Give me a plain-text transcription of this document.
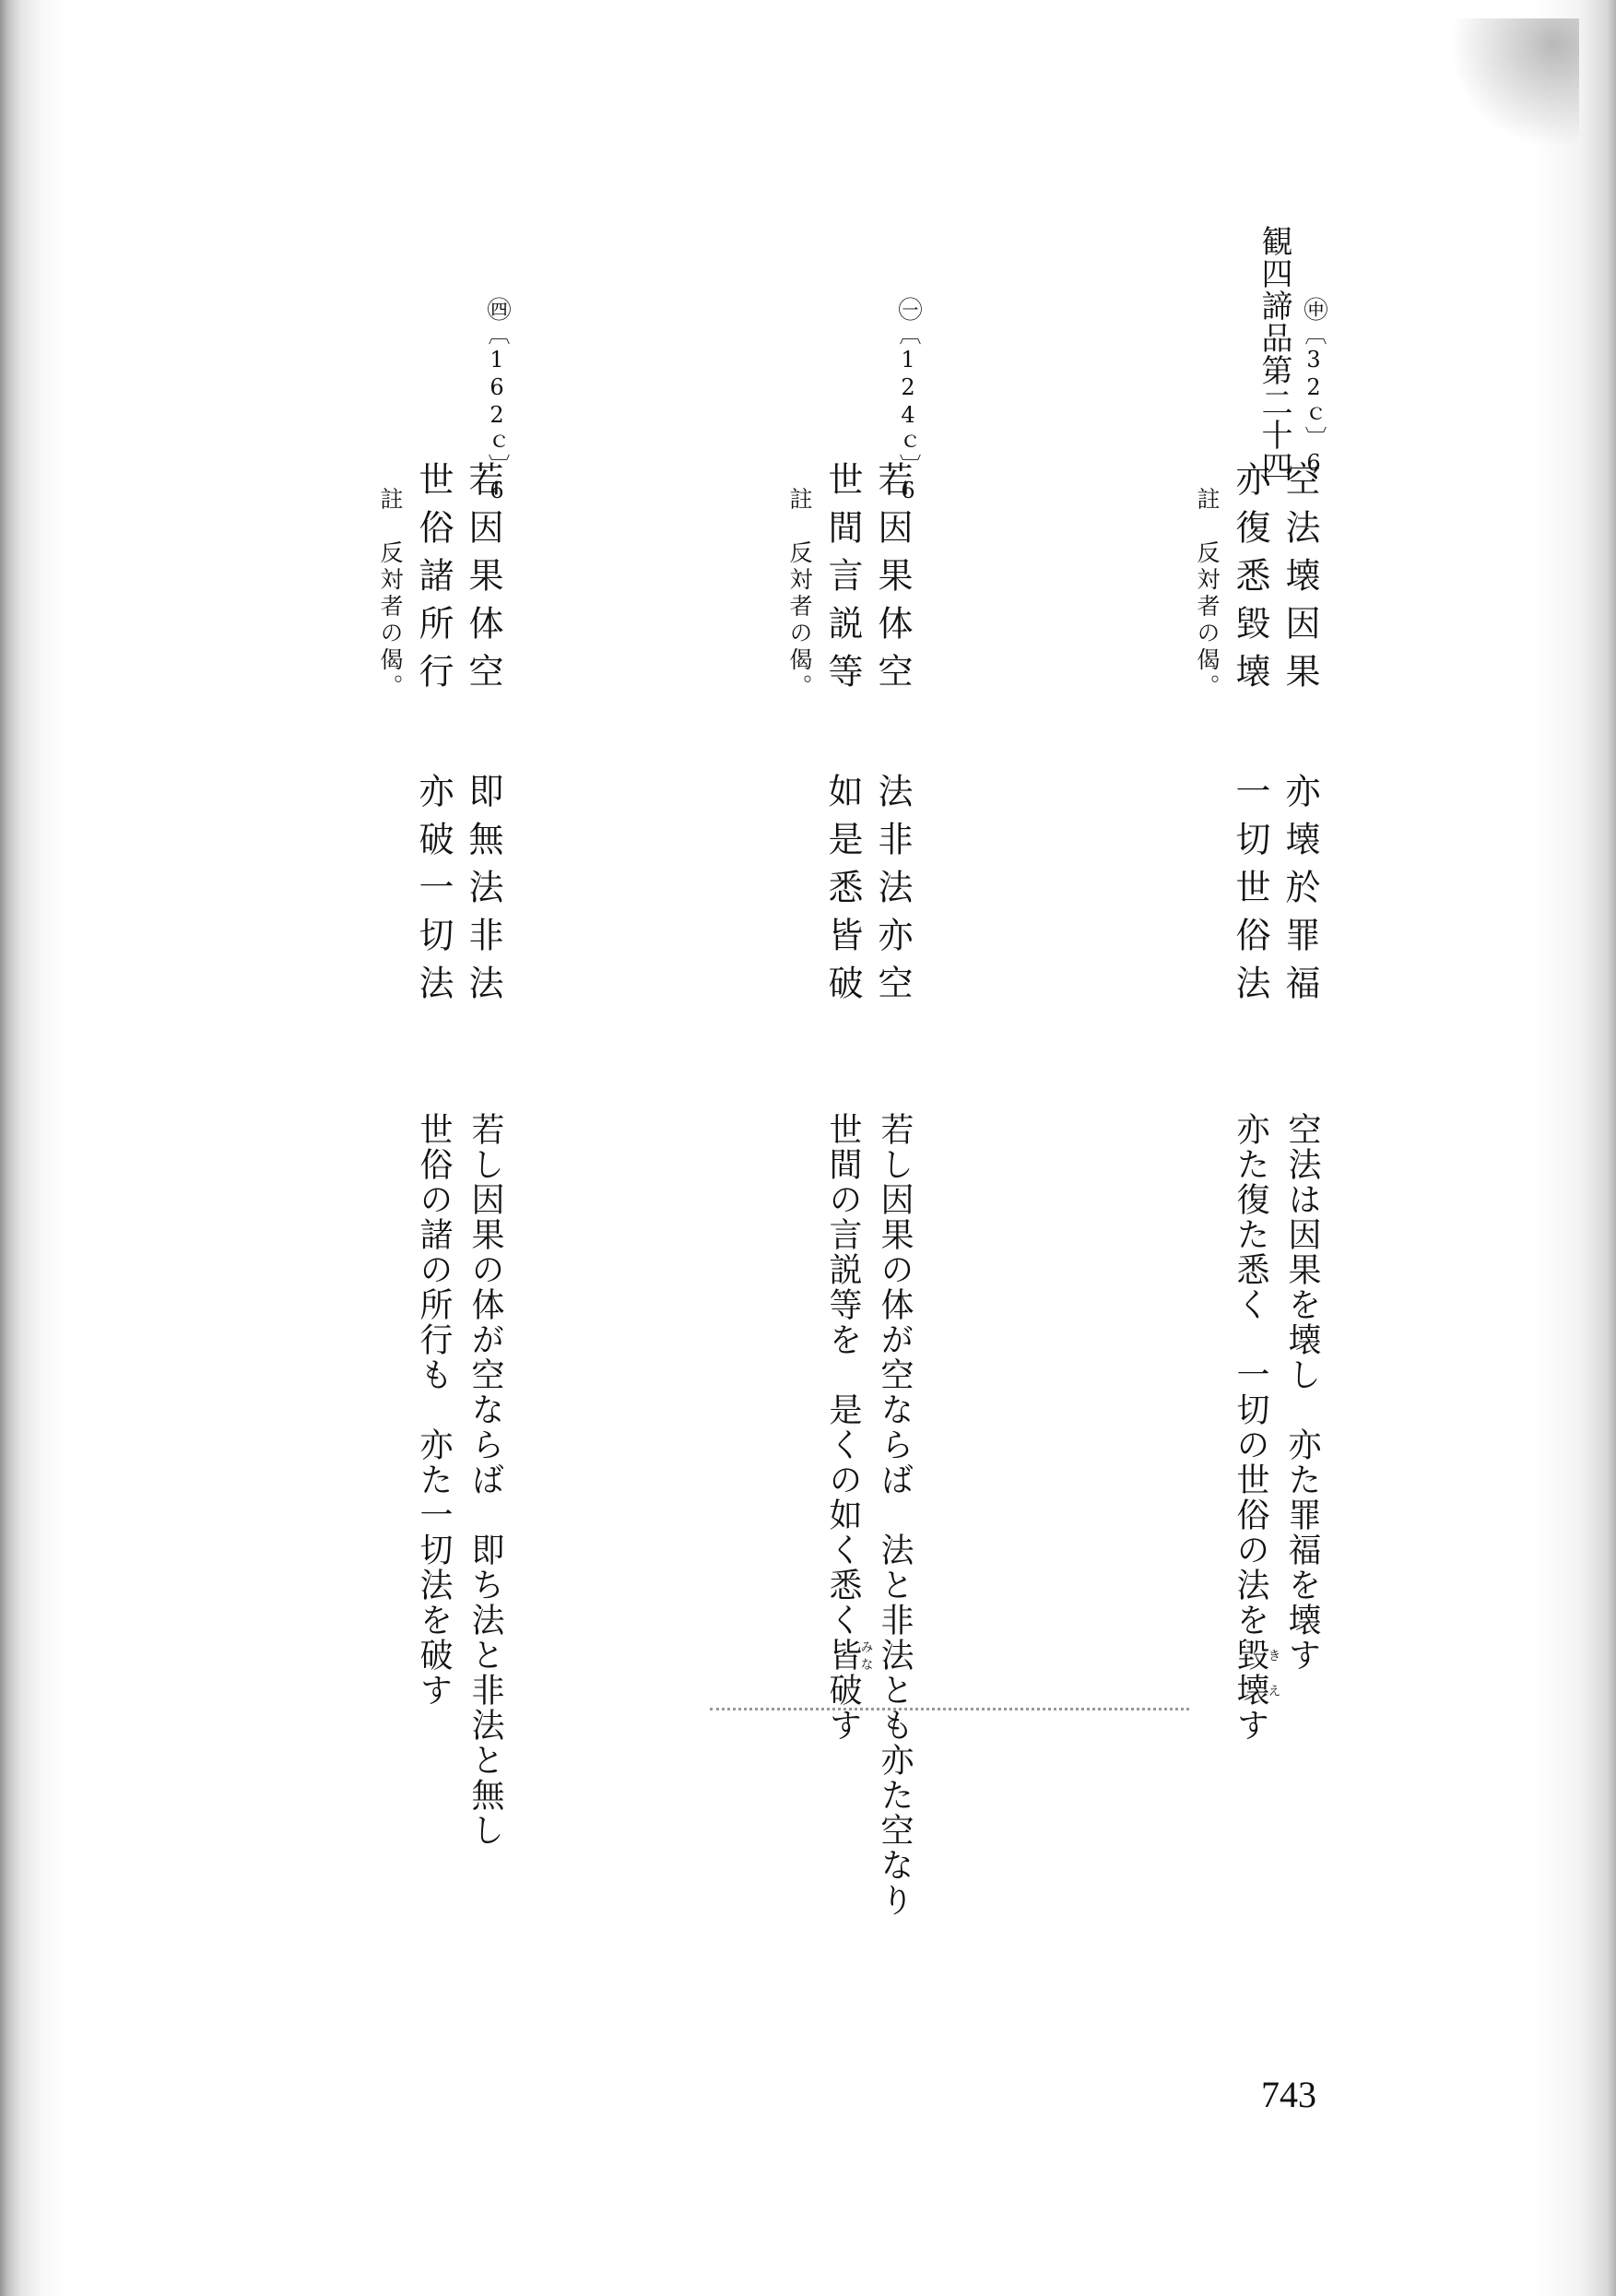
観四諦品第二十四 ㊥〔32ｃ〕6
空法壊因果
亦壊於罪福
亦復悉毀壊
一切世俗法
註　反対者の偈。
空法は因果を壊し　亦た罪福を壊す
亦た復た悉く　一切の世俗の法を毀き壊えす
㊀〔124ｃ〕6
若因果体空
法非法亦空
世間言説等
如是悉皆破
註　反対者の偈。
若し因果の体が空ならば　法と非法とも亦た空なり
世間の言説等を　是くの如く悉く皆みな破す
㊃〔162ｃ〕6
若因果体空
即無法非法
世俗諸所行
亦破一切法
註　反対者の偈。
若し因果の体が空ならば　即ち法と非法と無し
世俗の諸の所行も　亦た一切法を破す
743
